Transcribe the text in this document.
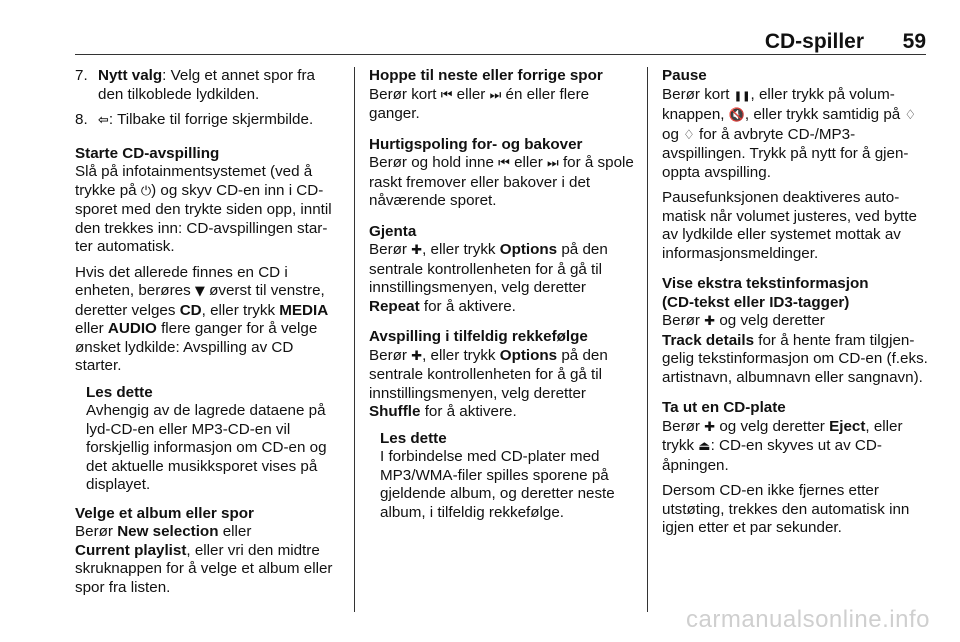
CD-spiller 59
7. Nytt valg: Velg et annet spor fra den tilkoblede lydkilden.
8. ⇦: Tilbake til forrige skjermbilde.

Starte CD-avspilling

Slå på infotainmentsystemet (ved å trykke på ⏻) og skyv CD-en inn i CD-sporet med den trykte siden opp, inntil den trekkes inn: CD-avspillingen star-ter automatisk.

Hvis det allerede finnes en CD i enheten, berøres ▼ øverst til venstre, deretter velges CD, eller trykk MEDIA eller AUDIO flere ganger for å velge ønsket lydkilde: Avspilling av CD starter.

Les dette

Avhengig av de lagrede dataene på lyd-CD-en eller MP3-CD-en vil forskjellig informasjon om CD-en og det aktuelle musikksporet vises på displayet.

Velge et album eller spor

Berør New selection eller
Current playlist, eller vri den midtre skruknappen for å velge et album eller spor fra listen.

Hoppe til neste eller forrige spor

Berør kort ⏮ eller ⏭ én eller flere ganger.

Hurtigspoling for- og bakover

Berør og hold inne ⏮ eller ⏭ for å spole raskt fremover eller bakover i det nåværende sporet.

Gjenta

Berør ✚, eller trykk Options på den sentrale kontrollenheten for å gå til innstillingsmenyen, velg deretter Repeat for å aktivere.

Avspilling i tilfeldig rekkefølge

Berør ✚, eller trykk Options på den sentrale kontrollenheten for å gå til innstillingsmenyen, velg deretter Shuffle for å aktivere.

Les dette

I forbindelse med CD-plater med MP3/WMA-filer spilles sporene på gjeldende album, og deretter neste album, i tilfeldig rekkefølge.

Pause

Berør kort ❚❚, eller trykk på volum-knappen, 🔇, eller trykk samtidig på ♢ og ♢ for å avbryte CD-/MP3-avspillingen. Trykk på nytt for å gjen-oppta avspilling.

Pausefunksjonen deaktiveres auto-matisk når volumet justeres, ved bytte av lydkilde eller systemet mottak av informasjonsmeldinger.

Vise ekstra tekstinformasjon

(CD-tekst eller ID3-tagger)

Berør ✚ og velg deretter
Track details for å hente fram tilgjen-gelig tekstinformasjon om CD-en (f.eks. artistnavn, albumnavn eller sangnavn).

Ta ut en CD-plate

Berør ✚ og velg deretter Eject, eller trykk ⏏: CD-en skyves ut av CD-åpningen.

Dersom CD-en ikke fjernes etter utstøting, trekkes den automatisk inn igjen etter et par sekunder.

carmanualsonline.info
